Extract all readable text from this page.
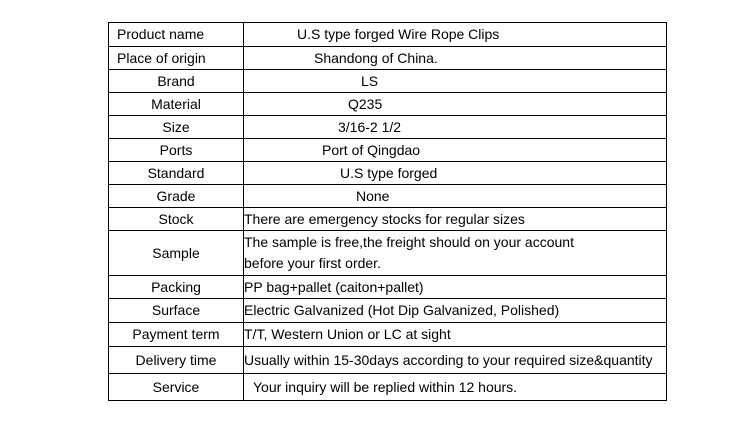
Product name	U.S type forged Wire Rope Clips
Place of origin	Shandong of China.
Brand	LS
Material	Q235
Size	3/16-2 1/2
Ports	Port of Qingdao
Standard	U.S type forged
Grade	None
Stock	There are emergency stocks for regular sizes
Sample	The sample is free,the freight should on your account
before your first order.

Packing	PP bag+pallet (caiton+pallet)
Surface	Electric Galvanized (Hot Dip Galvanized, Polished)
Payment term	T/T, Western Union or LC at sight
Delivery time	Usually within 15-30days according to your required size&quantity
Service	Your inquiry will be replied within 12 hours.
